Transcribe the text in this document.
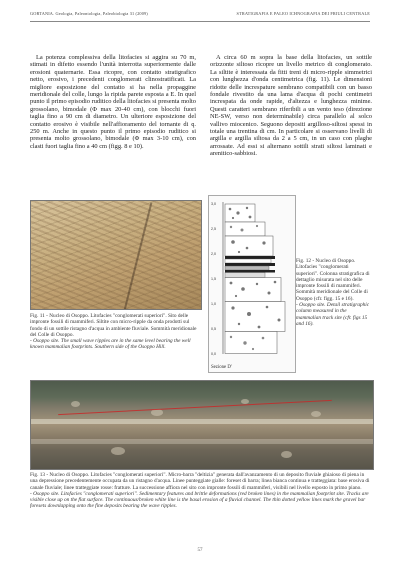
GORTANIA. Geologia, Paleontologia, Paleobiologia 31 (2009)	STRATIGRAFIA E PALEO ICHNOGRAFIA DEI FRIULI CENTRALE

La potenza complessiva della litofacies si aggira su 70 m, stimati in difetto essendo l'unità interrotta superiormente dalle erosioni quaternarie. Essa ricopre, con contatto stratigrafico netto, erosivo, i precedenti conglomerati clinostratificati. La migliore esposizione del contatto si ha nella propaggine meridionale del colle, lungo la ripida parete esposta a E. In quel punto il primo episodio ruditico della litofacies si presenta molto grossolano, bimodale (Φ max 20-40 cm), con blocchi fuori taglia fino a 90 cm di diametro. Un ulteriore esposizione del contatto erosivo è visibile nell'affioramento del tornante di q. 250 m. Anche in questo punto il primo episodio ruditico si presenta molto grossolano, bimodale (Φ max 3-10 cm), con clasti fuori taglia fino a 40 cm (figg. 8 e 10).

A circa 60 m sopra la base della litofacies, un sottile orizzonte siltoso ricopre un livello metrico di conglomerato. La siltite è interessata da fitti treni di micro-ripple simmetrici con lunghezza d'onda centimetrica (fig. 11). Le dimensioni ridotte delle increspature sembrano compatibili con un basso fondale rivestito da una lama d'acqua di pochi centimetri increspata da onde rapide, d'altezza e lunghezza minime. Questi caratteri sembrano riferibili a un vento teso (direzione NE-SW, verso non determinabile) circa parallelo al solco vallivo miocenico. Seguono depositi argilloso-siltosi spessi in totale una trentina di cm. In particolare si osservano livelli di argilla e argilla siltosa da 2 a 5 cm, in un caso con plaghe arrossate. Ad essi si alternano sottili strati siltosi laminati e arenitico-sabbiosi.

Fig. 11 - Nucleo di Osoppo. Litofacies "conglomerati superiori". Sito delle impronte fossili di mammiferi. Siltite con micro-ripple da onda prodotti sul fondo di un sottile ristagno d'acqua in ambiente fluviale. Sommità meridionale del Colle di Osoppo.

- Osoppo site. The small wave ripples are in the same level bearing the well known mammalian footprints. Southern side of the Osoppo Hill.

3,0
2,5
2,0
1,5
1,0
0,5
0,0
Sezione D'

Fig. 12 - Nucleo di Osoppo. Litofacies "conglomerati superiori". Colonna stratigrafica di dettaglio misurata nel sito delle impronte fossili di mammiferi. Sommità meridionale del Colle di Osoppo (cfr. figg. 15 e 16).

- Osoppo site. Detail stratigraphic column measured in the mammalian track site (cfr. figs 15 and 16).

Fig. 13 - Nucleo di Osoppo. Litofacies "conglomerati superiori". Micro-barra "deltizia" generata dall'avanzamento di un deposito fluviale ghiaioso di piena in una depressione precedentemente occupata da un ristagno d'acqua. Linee punteggiate gialle: foreset di barra; linea bianca continua e tratteggiata: base erosiva di canale fluviale; linee tratteggiate rosse: fratture. La successione affiora nel sito con impronte fossili di mammiferi, visibili nel livello esposto in primo piano.

- Osoppo site. Litofacies "conglomerati superiori". Sedimentary features and brittle deformations (red broken lines) in the mammalian footprint site. Tracks are visible close up on the flat surface. The continuous/broken white line is the basal erosion of a fluvial channel. The thin dotted yellow lines mark the gravel bar foresets downlapping onto the fine deposits bearing the wave ripples.

57
